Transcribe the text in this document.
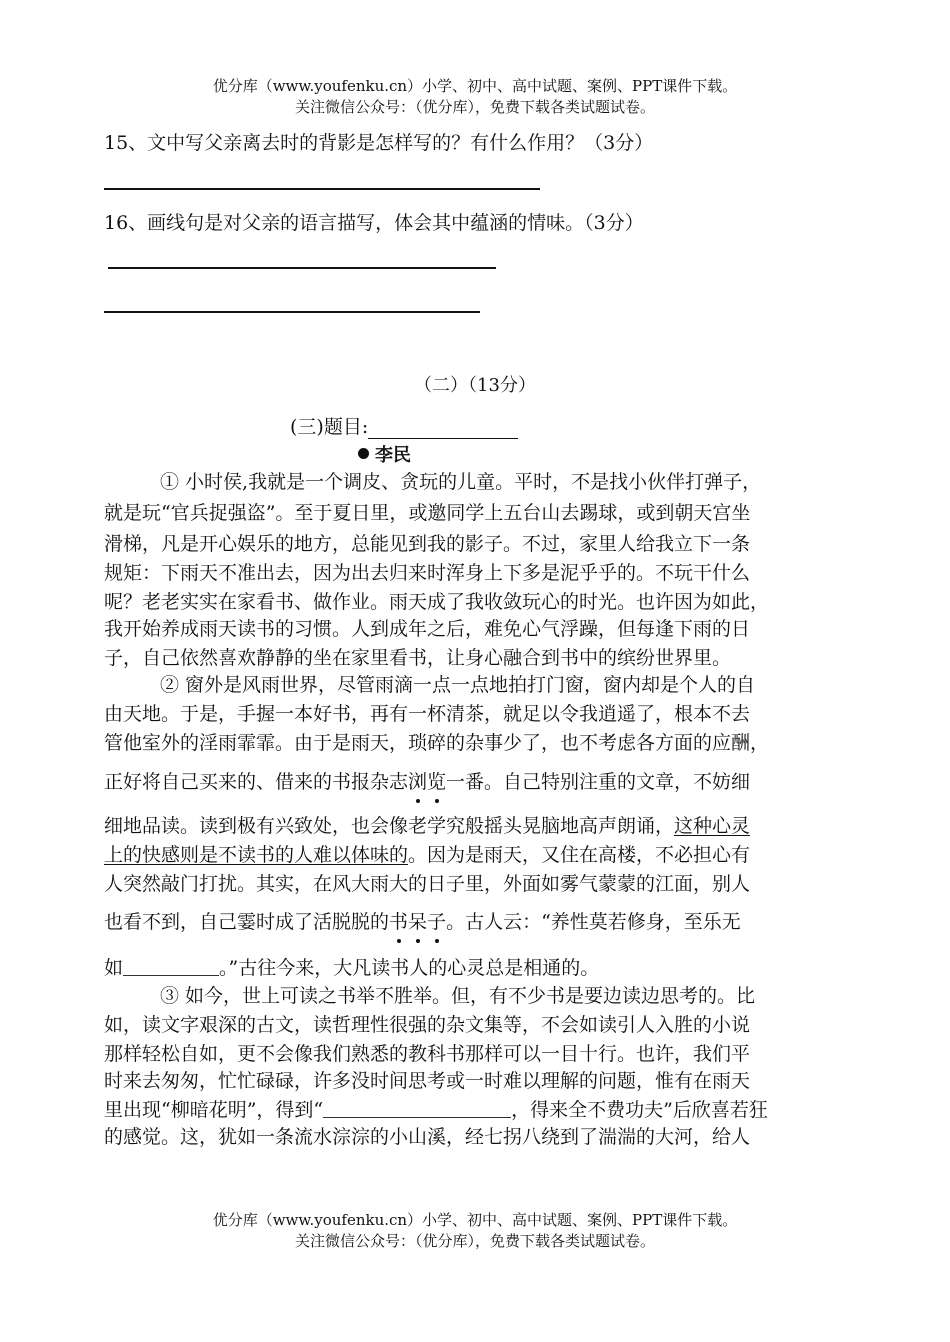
优分库（www.youfenku.cn）小学、初中、高中试题、案例、PPT课件下载。
关注微信公众号：（优分库），免费下载各类试题试卷。
15、文中写父亲离去时的背影是怎样写的？有什么作用？（3分）
16、画线句是对父亲的语言描写，体会其中蕴涵的情味。（3分）
（二）（13分）
(三)题目:
李民
① 小时侯,我就是一个调皮、贪玩的儿童。平时，不是找小伙伴打弹子，
就是玩“官兵捉强盗”。至于夏日里，或邀同学上五台山去踢球，或到朝天宫坐
滑梯，凡是开心娱乐的地方，总能见到我的影子。不过，家里人给我立下一条
规矩：下雨天不准出去，因为出去归来时浑身上下多是泥乎乎的。不玩干什么
呢？老老实实在家看书、做作业。雨天成了我收敛玩心的时光。也许因为如此，
我开始养成雨天读书的习惯。人到成年之后，难免心气浮躁，但每逢下雨的日
子，自己依然喜欢静静的坐在家里看书，让身心融合到书中的缤纷世界里。
② 窗外是风雨世界，尽管雨滴一点一点地拍打门窗，窗内却是个人的自
由天地。于是，手握一本好书，再有一杯清茶，就足以令我逍遥了，根本不去
管他室外的淫雨霏霏。由于是雨天，琐碎的杂事少了，也不考虑各方面的应酬，
正好将自己买来的、借来的书报杂志浏览一番。自己特别注重的文章，不妨细
细地品读。读到极有兴致处，也会像老学究般摇头晃脑地高声朗诵，这种心灵
上的快感则是不读书的人难以体味的。因为是雨天，又住在高楼，不必担心有
人突然敲门打扰。其实，在风大雨大的日子里，外面如雾气蒙蒙的江面，别人
也看不到，自己霎时成了活脱脱的书呆子。古人云：“养性莫若修身，至乐无
如	。”古往今来，大凡读书人的心灵总是相通的。
③ 如今，世上可读之书举不胜举。但，有不少书是要边读边思考的。比
如，读文字艰深的古文，读哲理性很强的杂文集等，不会如读引人入胜的小说
那样轻松自如，更不会像我们熟悉的教科书那样可以一目十行。也许，我们平
时来去匆匆，忙忙碌碌，许多没时间思考或一时难以理解的问题，惟有在雨天
里出现“柳暗花明”，得到“	，得来全不费功夫”后欣喜若狂
的感觉。这，犹如一条流水淙淙的小山溪，经七拐八绕到了湍湍的大河，给人
优分库（www.youfenku.cn）小学、初中、高中试题、案例、PPT课件下载。
关注微信公众号：（优分库），免费下载各类试题试卷。
